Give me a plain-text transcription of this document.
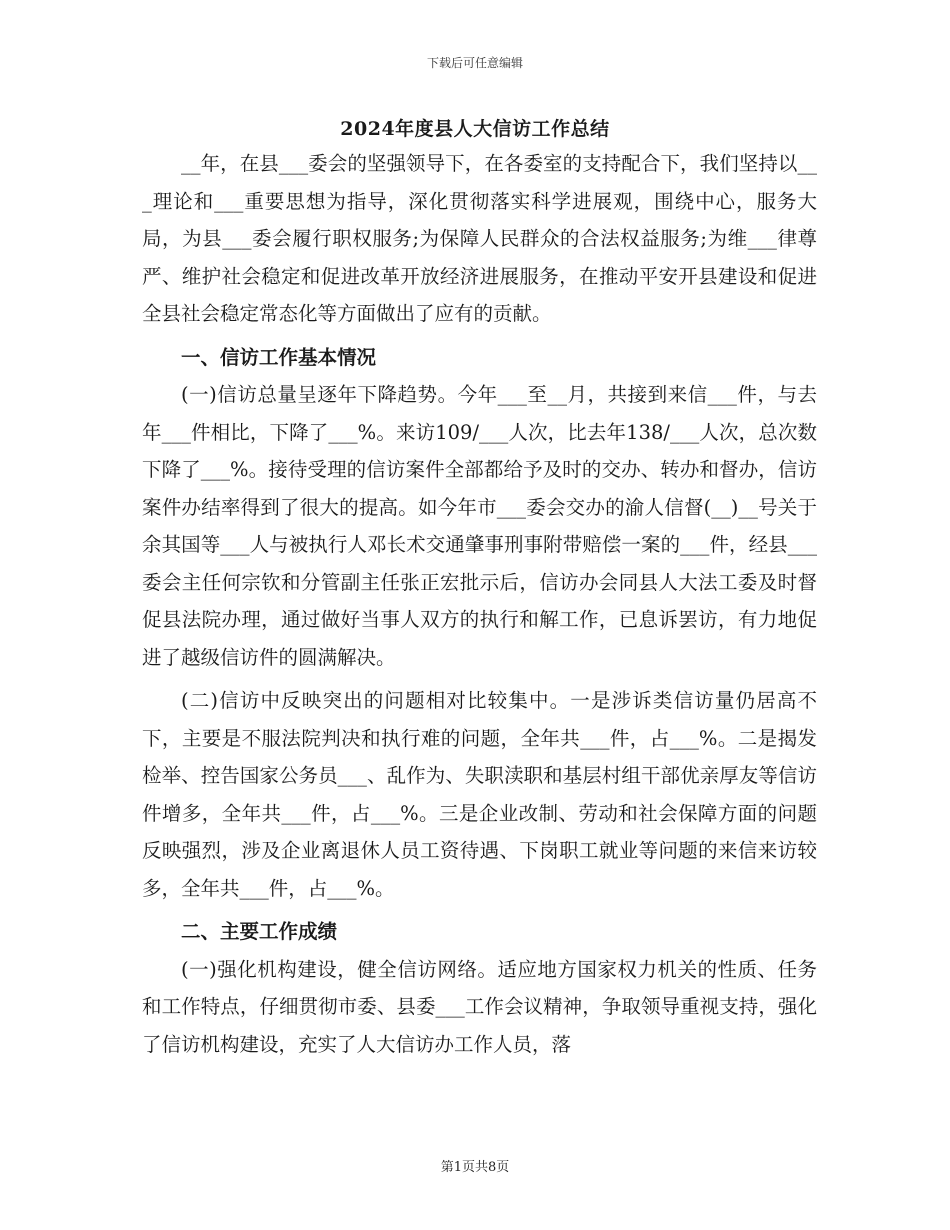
下载后可任意编辑
2024年度县人大信访工作总结

__年，在县___委会的坚强领导下，在各委室的支持配合下，我们坚持以___理论和___重要思想为指导，深化贯彻落实科学进展观，围绕中心，服务大局，为县___委会履行职权服务;为保障人民群众的合法权益服务;为维___律尊严、维护社会稳定和促进改革开放经济进展服务，在推动平安开县建设和促进全县社会稳定常态化等方面做出了应有的贡献。

一、信访工作基本情况

(一)信访总量呈逐年下降趋势。今年___至__月，共接到来信___件，与去年___件相比，下降了___%。来访109/___人次，比去年138/___人次，总次数下降了___%。接待受理的信访案件全部都给予及时的交办、转办和督办，信访案件办结率得到了很大的提高。如今年市___委会交办的渝人信督(__)__号关于余其国等___人与被执行人邓长术交通肇事刑事附带赔偿一案的___件，经县___委会主任何宗钦和分管副主任张正宏批示后，信访办会同县人大法工委及时督促县法院办理，通过做好当事人双方的执行和解工作，已息诉罢访，有力地促进了越级信访件的圆满解决。

(二)信访中反映突出的问题相对比较集中。一是涉诉类信访量仍居高不下，主要是不服法院判决和执行难的问题，全年共___件，占___%。二是揭发检举、控告国家公务员___、乱作为、失职渎职和基层村组干部优亲厚友等信访件增多，全年共___件，占___%。三是企业改制、劳动和社会保障方面的问题反映强烈，涉及企业离退休人员工资待遇、下岗职工就业等问题的来信来访较多，全年共___件，占___%。

二、主要工作成绩

(一)强化机构建设，健全信访网络。适应地方国家权力机关的性质、任务和工作特点，仔细贯彻市委、县委___工作会议精神，争取领导重视支持，强化了信访机构建设，充实了人大信访办工作人员，落

第1页共8页
